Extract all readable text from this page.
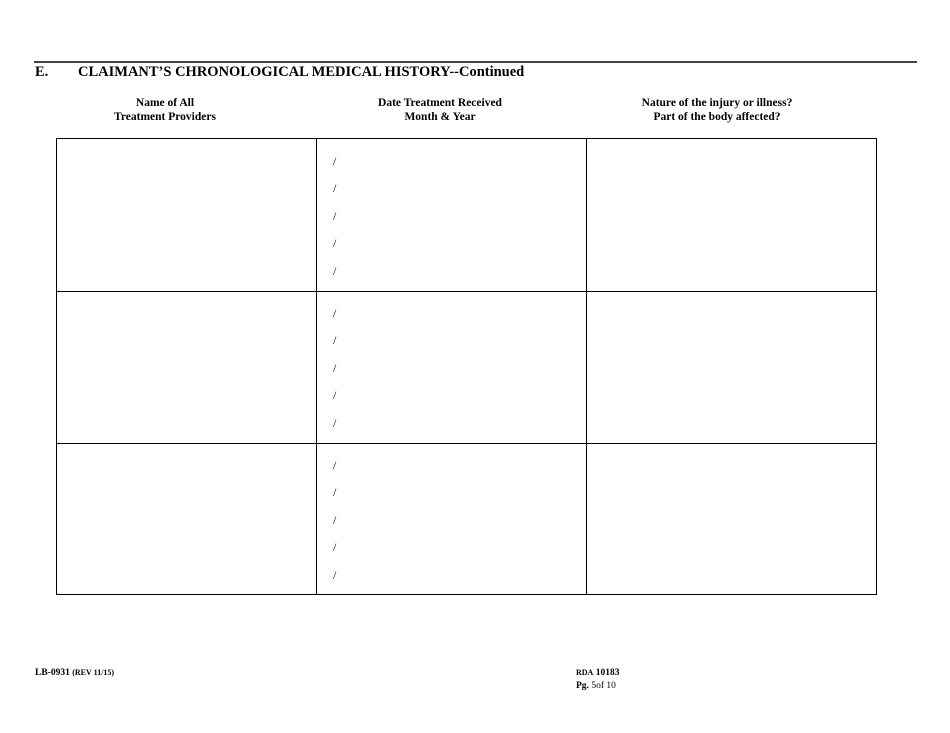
E. CLAIMANT’S CHRONOLOGICAL MEDICAL HISTORY--Continued
Name of All
Treatment Providers
Date Treatment Received
Month & Year
Nature of the injury or illness?
Part of the body affected?
/
/
/
/
/
/
/
/
/
/
/
/
/
/
/
LB-0931 (REV 11/15)	RDA 10183
Pg. 5of 10
